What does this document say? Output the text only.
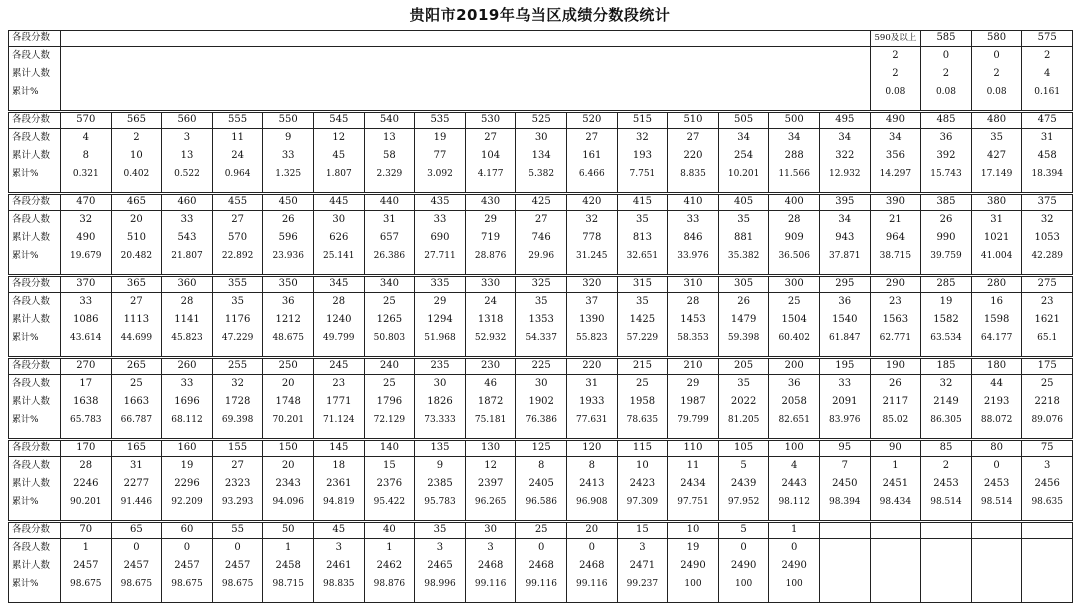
贵阳市2019年乌当区成绩分数段统计
各段分数
各段人数
累计人数
累计%
590及以上
2
2
0.08
585
0
2
0.08
580
0
2
0.08
575
2
4
0.161
各段分数
各段人数
累计人数
累计%
570
4
8
0.321
565
2
10
0.402
560
3
13
0.522
555
11
24
0.964
550
9
33
1.325
545
12
45
1.807
540
13
58
2.329
535
19
77
3.092
530
27
104
4.177
525
30
134
5.382
520
27
161
6.466
515
32
193
7.751
510
27
220
8.835
505
34
254
10.201
500
34
288
11.566
495
34
322
12.932
490
34
356
14.297
485
36
392
15.743
480
35
427
17.149
475
31
458
18.394
各段分数
各段人数
累计人数
累计%
470
32
490
19.679
465
20
510
20.482
460
33
543
21.807
455
27
570
22.892
450
26
596
23.936
445
30
626
25.141
440
31
657
26.386
435
33
690
27.711
430
29
719
28.876
425
27
746
29.96
420
32
778
31.245
415
35
813
32.651
410
33
846
33.976
405
35
881
35.382
400
28
909
36.506
395
34
943
37.871
390
21
964
38.715
385
26
990
39.759
380
31
1021
41.004
375
32
1053
42.289
各段分数
各段人数
累计人数
累计%
370
33
1086
43.614
365
27
1113
44.699
360
28
1141
45.823
355
35
1176
47.229
350
36
1212
48.675
345
28
1240
49.799
340
25
1265
50.803
335
29
1294
51.968
330
24
1318
52.932
325
35
1353
54.337
320
37
1390
55.823
315
35
1425
57.229
310
28
1453
58.353
305
26
1479
59.398
300
25
1504
60.402
295
36
1540
61.847
290
23
1563
62.771
285
19
1582
63.534
280
16
1598
64.177
275
23
1621
65.1
各段分数
各段人数
累计人数
累计%
270
17
1638
65.783
265
25
1663
66.787
260
33
1696
68.112
255
32
1728
69.398
250
20
1748
70.201
245
23
1771
71.124
240
25
1796
72.129
235
30
1826
73.333
230
46
1872
75.181
225
30
1902
76.386
220
31
1933
77.631
215
25
1958
78.635
210
29
1987
79.799
205
35
2022
81.205
200
36
2058
82.651
195
33
2091
83.976
190
26
2117
85.02
185
32
2149
86.305
180
44
2193
88.072
175
25
2218
89.076
各段分数
各段人数
累计人数
累计%
170
28
2246
90.201
165
31
2277
91.446
160
19
2296
92.209
155
27
2323
93.293
150
20
2343
94.096
145
18
2361
94.819
140
15
2376
95.422
135
9
2385
95.783
130
12
2397
96.265
125
8
2405
96.586
120
8
2413
96.908
115
10
2423
97.309
110
11
2434
97.751
105
5
2439
97.952
100
4
2443
98.112
95
7
2450
98.394
90
1
2451
98.434
85
2
2453
98.514
80
0
2453
98.514
75
3
2456
98.635
各段分数
各段人数
累计人数
累计%
70
1
2457
98.675
65
0
2457
98.675
60
0
2457
98.675
55
0
2457
98.675
50
1
2458
98.715
45
3
2461
98.835
40
1
2462
98.876
35
3
2465
98.996
30
3
2468
99.116
25
0
2468
99.116
20
0
2468
99.116
15
3
2471
99.237
10
19
2490
100
5
0
2490
100
1
0
2490
100
